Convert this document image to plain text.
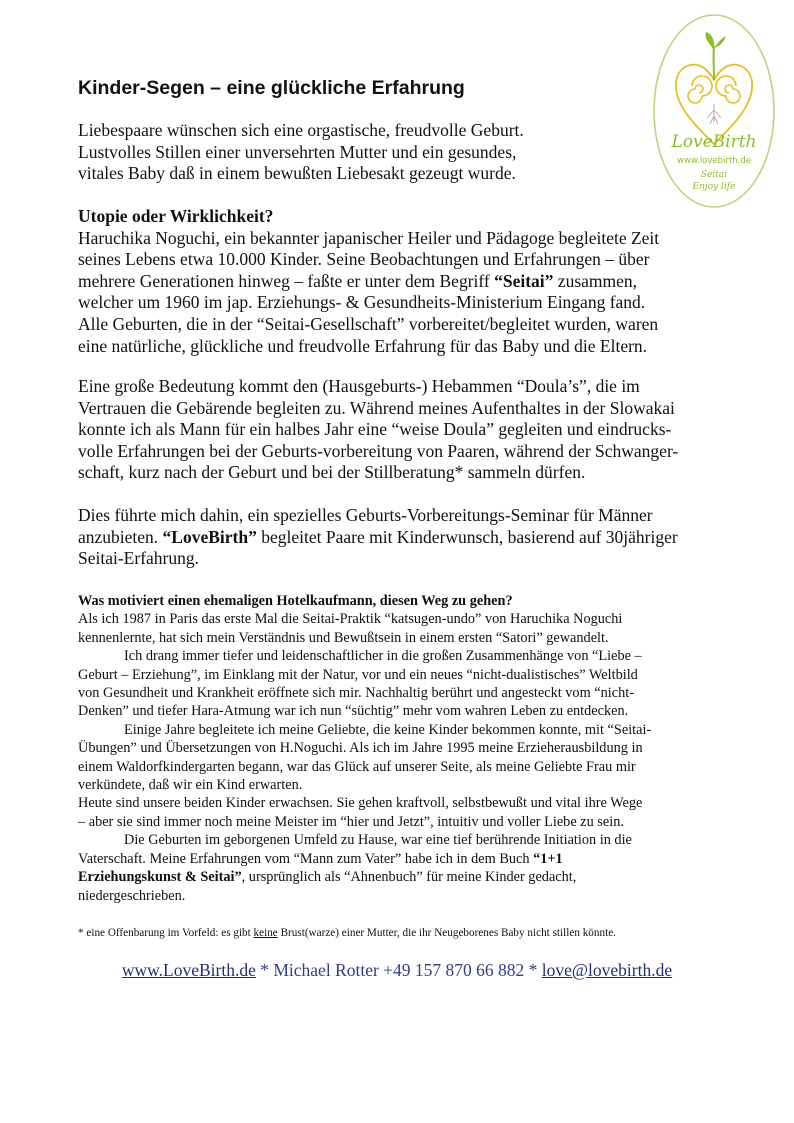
LoveBirth
www.lovebirth.de
Seitai
Enjoy life
Kinder-Segen – eine glückliche Erfahrung

Liebespaare wünschen sich eine orgastische, freudvolle Geburt.

Lustvolles Stillen einer unversehrten Mutter und ein gesundes,

vitales Baby daß in einem bewußten Liebesakt gezeugt wurde.

Utopie oder Wirklichkeit?
Haruchika Noguchi, ein bekannter japanischer Heiler und Pädagoge begleitete Zeit
seines Lebens etwa 10.000 Kinder. Seine Beobachtungen und Erfahrungen – über
mehrere Generationen hinweg – faßte er unter dem Begriff “Seitai” zusammen,
welcher um 1960 im jap. Erziehungs- & Gesundheits-Ministerium Eingang fand.
Alle Geburten, die in der “Seitai-Gesellschaft” vorbereitet/begleitet wurden, waren
eine natürliche, glückliche und freudvolle Erfahrung für das Baby und die Eltern.
Eine große Bedeutung kommt den (Hausgeburts-) Hebammen “Doula’s”, die im
Vertrauen die Gebärende begleiten zu. Während meines Aufenthaltes in der Slowakai
konnte ich als Mann für ein halbes Jahr eine “weise Doula” gegleiten und eindrucks-
volle Erfahrungen bei der Geburts-vorbereitung von Paaren, während der Schwanger-
schaft, kurz nach der Geburt und bei der Stillberatung* sammeln dürfen.
Dies führte mich dahin, ein spezielles Geburts-Vorbereitungs-Seminar für Männer
anzubieten. “LoveBirth” begleitet Paare mit Kinderwunsch, basierend auf 30jähriger
Seitai-Erfahrung.
Was motiviert einen ehemaligen Hotelkaufmann, diesen Weg zu gehen?
Als ich 1987 in Paris das erste Mal die Seitai-Praktik “katsugen-undo” von Haruchika Noguchi
kennenlernte, hat sich mein Verständnis und Bewußtsein in einem ersten “Satori” gewandelt.
Ich drang immer tiefer und leidenschaftlicher in die großen Zusammenhänge von “Liebe –
Geburt – Erziehung”, im Einklang mit der Natur, vor und ein neues “nicht-dualistisches” Weltbild
von Gesundheit und Krankheit eröffnete sich mir. Nachhaltig berührt und angesteckt vom “nicht-
Denken” und tiefer Hara-Atmung war ich nun “süchtig” mehr vom wahren Leben zu entdecken.
Einige Jahre begleitete ich meine Geliebte, die keine Kinder bekommen konnte, mit “Seitai-
Übungen” und Übersetzungen von H.Noguchi. Als ich im Jahre 1995 meine Erzieherausbildung in
einem Waldorfkindergarten begann, war das Glück auf unserer Seite, als meine Geliebte Frau mir
verkündete, daß wir ein Kind erwarten.
Heute sind unsere beiden Kinder erwachsen. Sie gehen kraftvoll, selbstbewußt und vital ihre Wege
– aber sie sind immer noch meine Meister im “hier und Jetzt”, intuitiv und voller Liebe zu sein.
Die Geburten im geborgenen Umfeld zu Hause, war eine tief berührende Initiation in die
Vaterschaft. Meine Erfahrungen vom “Mann zum Vater” habe ich in dem Buch “1+1
Erziehungskunst & Seitai”, ursprünglich als “Ahnenbuch” für meine Kinder gedacht,
niedergeschrieben.
* eine Offenbarung im Vorfeld: es gibt keine Brust(warze) einer Mutter, die ihr Neugeborenes Baby nicht stillen könnte.
www.LoveBirth.de * Michael Rotter +49 157 870 66 882 * love@lovebirth.de
